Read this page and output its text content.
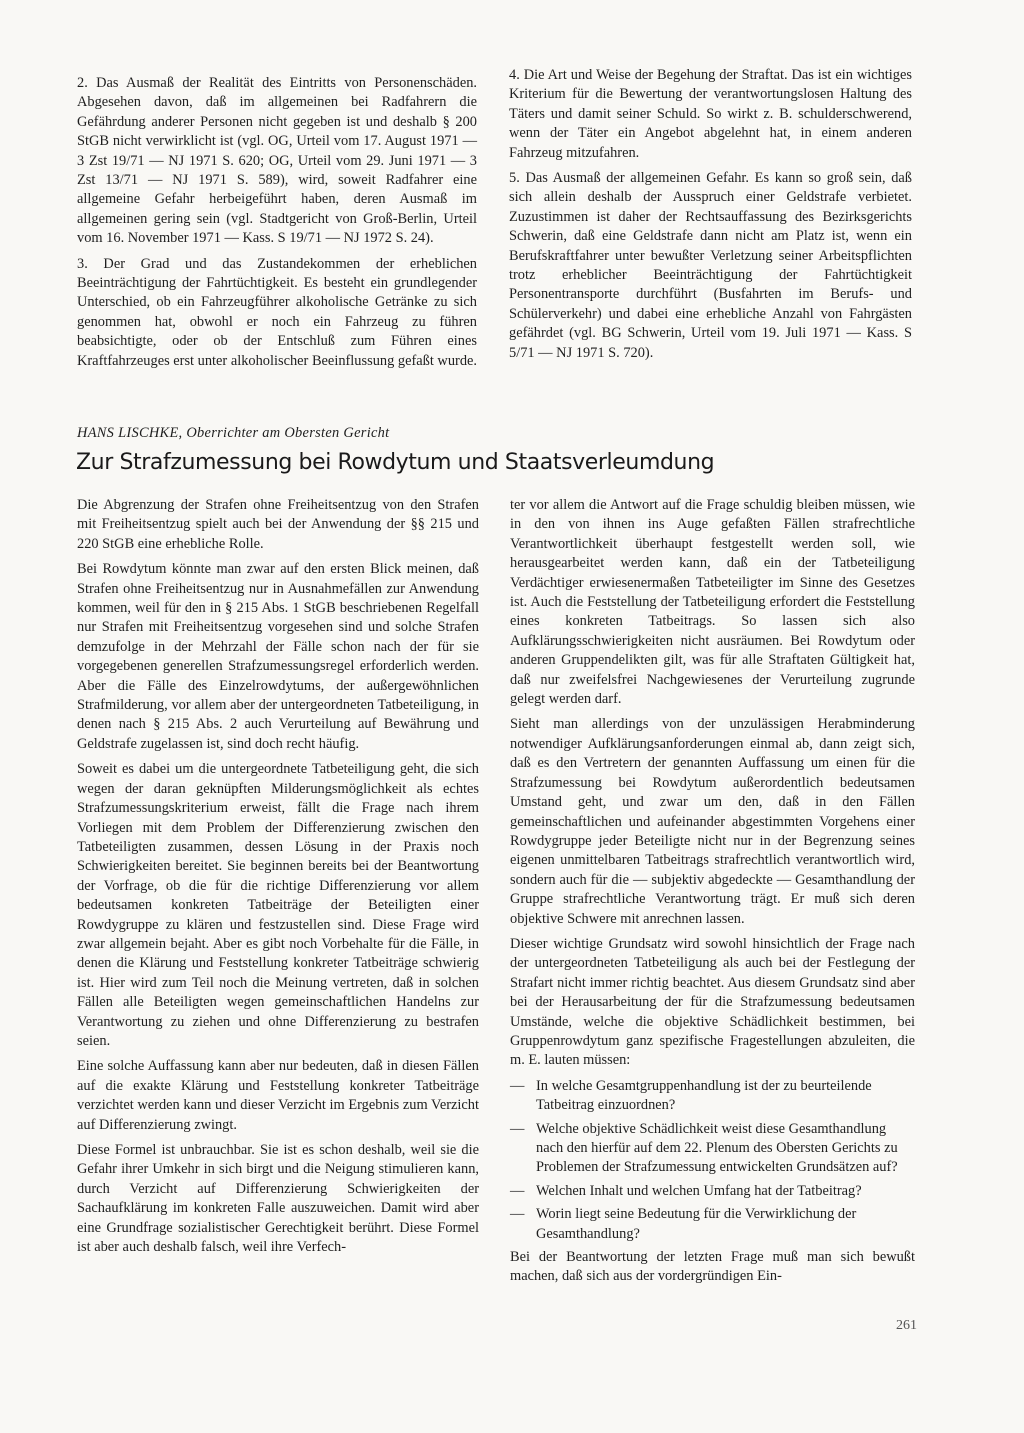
2. Das Ausmaß der Realität des Eintritts von Personenschäden. Abgesehen davon, daß im allgemeinen bei Radfahrern die Gefährdung anderer Personen nicht gegeben ist und deshalb § 200 StGB nicht verwirklicht ist (vgl. OG, Urteil vom 17. August 1971 — 3 Zst 19/71 — NJ 1971 S. 620; OG, Urteil vom 29. Juni 1971 — 3 Zst 13/71 — NJ 1971 S. 589), wird, soweit Radfahrer eine allgemeine Gefahr herbeigeführt haben, deren Ausmaß im allgemeinen gering sein (vgl. Stadtgericht von Groß-Berlin, Urteil vom 16. November 1971 — Kass. S 19/71 — NJ 1972 S. 24).

3. Der Grad und das Zustandekommen der erheblichen Beeinträchtigung der Fahrtüchtigkeit. Es besteht ein grundlegender Unterschied, ob ein Fahrzeugführer alkoholische Getränke zu sich genommen hat, obwohl er noch ein Fahrzeug zu führen beabsichtigte, oder ob der Entschluß zum Führen eines Kraftfahrzeuges erst unter alkoholischer Beeinflussung gefaßt wurde.

4. Die Art und Weise der Begehung der Straftat. Das ist ein wichtiges Kriterium für die Bewertung der verantwortungslosen Haltung des Täters und damit seiner Schuld. So wirkt z. B. schulderschwerend, wenn der Täter ein Angebot abgelehnt hat, in einem anderen Fahrzeug mitzufahren.

5. Das Ausmaß der allgemeinen Gefahr. Es kann so groß sein, daß sich allein deshalb der Ausspruch einer Geldstrafe verbietet. Zuzustimmen ist daher der Rechtsauffassung des Bezirksgerichts Schwerin, daß eine Geldstrafe dann nicht am Platz ist, wenn ein Berufskraftfahrer unter bewußter Verletzung seiner Arbeitspflichten trotz erheblicher Beeinträchtigung der Fahrtüchtigkeit Personentransporte durchführt (Busfahrten im Berufs- und Schülerverkehr) und dabei eine erhebliche Anzahl von Fahrgästen gefährdet (vgl. BG Schwerin, Urteil vom 19. Juli 1971 — Kass. S 5/71 — NJ 1971 S. 720).

HANS LISCHKE, Oberrichter am Obersten Gericht
Zur Strafzumessung bei Rowdytum und Staatsverleumdung

Die Abgrenzung der Strafen ohne Freiheitsentzug von den Strafen mit Freiheitsentzug spielt auch bei der Anwendung der §§ 215 und 220 StGB eine erhebliche Rolle.

Bei Rowdytum könnte man zwar auf den ersten Blick meinen, daß Strafen ohne Freiheitsentzug nur in Ausnahmefällen zur Anwendung kommen, weil für den in § 215 Abs. 1 StGB beschriebenen Regelfall nur Strafen mit Freiheitsentzug vorgesehen sind und solche Strafen demzufolge in der Mehrzahl der Fälle schon nach der für sie vorgegebenen generellen Strafzumessungsregel erforderlich werden. Aber die Fälle des Einzelrowdytums, der außergewöhnlichen Strafmilderung, vor allem aber der untergeordneten Tatbeteiligung, in denen nach § 215 Abs. 2 auch Verurteilung auf Bewährung und Geldstrafe zugelassen ist, sind doch recht häufig.

Soweit es dabei um die untergeordnete Tatbeteiligung geht, die sich wegen der daran geknüpften Milderungsmöglichkeit als echtes Strafzumessungskriterium erweist, fällt die Frage nach ihrem Vorliegen mit dem Problem der Differenzierung zwischen den Tatbeteiligten zusammen, dessen Lösung in der Praxis noch Schwierigkeiten bereitet. Sie beginnen bereits bei der Beantwortung der Vorfrage, ob die für die richtige Differenzierung vor allem bedeutsamen konkreten Tatbeiträge der Beteiligten einer Rowdygruppe zu klären und festzustellen sind. Diese Frage wird zwar allgemein bejaht. Aber es gibt noch Vorbehalte für die Fälle, in denen die Klärung und Feststellung konkreter Tatbeiträge schwierig ist. Hier wird zum Teil noch die Meinung vertreten, daß in solchen Fällen alle Beteiligten wegen gemeinschaftlichen Handelns zur Verantwortung zu ziehen und ohne Differenzierung zu bestrafen seien.

Eine solche Auffassung kann aber nur bedeuten, daß in diesen Fällen auf die exakte Klärung und Feststellung konkreter Tatbeiträge verzichtet werden kann und dieser Verzicht im Ergebnis zum Verzicht auf Differenzierung zwingt.

Diese Formel ist unbrauchbar. Sie ist es schon deshalb, weil sie die Gefahr ihrer Umkehr in sich birgt und die Neigung stimulieren kann, durch Verzicht auf Differenzierung Schwierigkeiten der Sachaufklärung im konkreten Falle auszuweichen. Damit wird aber eine Grundfrage sozialistischer Gerechtigkeit berührt. Diese Formel ist aber auch deshalb falsch, weil ihre Verfech-

ter vor allem die Antwort auf die Frage schuldig bleiben müssen, wie in den von ihnen ins Auge gefaßten Fällen strafrechtliche Verantwortlichkeit überhaupt festgestellt werden soll, wie herausgearbeitet werden kann, daß ein der Tatbeteiligung Verdächtiger erwiesenermaßen Tatbeteiligter im Sinne des Gesetzes ist. Auch die Feststellung der Tatbeteiligung erfordert die Feststellung eines konkreten Tatbeitrags. So lassen sich also Aufklärungsschwierigkeiten nicht ausräumen. Bei Rowdytum oder anderen Gruppendelikten gilt, was für alle Straftaten Gültigkeit hat, daß nur zweifelsfrei Nachgewiesenes der Verurteilung zugrunde gelegt werden darf.

Sieht man allerdings von der unzulässigen Herabminderung notwendiger Aufklärungsanforderungen einmal ab, dann zeigt sich, daß es den Vertretern der genannten Auffassung um einen für die Strafzumessung bei Rowdytum außerordentlich bedeutsamen Umstand geht, und zwar um den, daß in den Fällen gemeinschaftlichen und aufeinander abgestimmten Vorgehens einer Rowdygruppe jeder Beteiligte nicht nur in der Begrenzung seines eigenen unmittelbaren Tatbeitrags strafrechtlich verantwortlich wird, sondern auch für die — subjektiv abgedeckte — Gesamthandlung der Gruppe strafrechtliche Verantwortung trägt. Er muß sich deren objektive Schwere mit anrechnen lassen.

Dieser wichtige Grundsatz wird sowohl hinsichtlich der Frage nach der untergeordneten Tatbeteiligung als auch bei der Festlegung der Strafart nicht immer richtig beachtet. Aus diesem Grundsatz sind aber bei der Herausarbeitung der für die Strafzumessung bedeutsamen Umstände, welche die objektive Schädlichkeit bestimmen, bei Gruppenrowdytum ganz spezifische Fragestellungen abzuleiten, die m. E. lauten müssen:

— In welche Gesamtgruppenhandlung ist der zu beurteilende Tatbeitrag einzuordnen?
— Welche objektive Schädlichkeit weist diese Gesamthandlung nach den hierfür auf dem 22. Plenum des Obersten Gerichts zu Problemen der Strafzumessung entwickelten Grundsätzen auf?
— Welchen Inhalt und welchen Umfang hat der Tatbeitrag?
— Worin liegt seine Bedeutung für die Verwirklichung der Gesamthandlung?

Bei der Beantwortung der letzten Frage muß man sich bewußt machen, daß sich aus der vordergründigen Ein-

261
